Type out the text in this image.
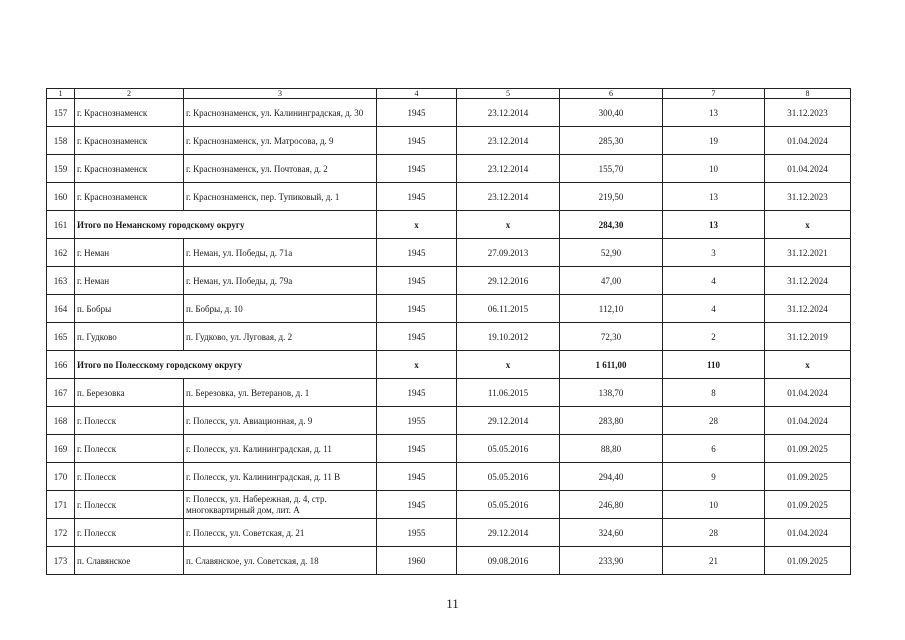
1	2	3	4	5	6	7	8
157	г. Краснознаменск	г. Краснознаменск, ул. Калининградская, д. 30	1945	23.12.2014	300,40	13	31.12.2023
158	г. Краснознаменск	г. Краснознаменск, ул. Матросова, д. 9	1945	23.12.2014	285,30	19	01.04.2024
159	г. Краснознаменск	г. Краснознаменск, ул. Почтовая, д. 2	1945	23.12.2014	155,70	10	01.04.2024
160	г. Краснознаменск	г. Краснознаменск, пер. Тупиковый, д. 1	1945	23.12.2014	219,50	13	31.12.2023
161	Итого по Неманскому городскому округу		x	x	284,30	13	x
162	г. Неман	г. Неман, ул. Победы, д. 71а	1945	27.09.2013	52,90	3	31.12.2021
163	г. Неман	г. Неман, ул. Победы, д. 79а	1945	29.12.2016	47,00	4	31.12.2024
164	п. Бобры	п. Бобры, д. 10	1945	06.11.2015	112,10	4	31.12.2024
165	п. Гудково	п. Гудково, ул. Луговая, д. 2	1945	19.10.2012	72,30	2	31.12.2019
166	Итого по Полесскому городскому округу		x	x	1 611,00	110	x
167	п. Березовка	п. Березовка, ул. Ветеранов, д. 1	1945	11.06.2015	138,70	8	01.04.2024
168	г. Полесск	г. Полесск, ул. Авиационная, д. 9	1955	29.12.2014	283,80	28	01.04.2024
169	г. Полесск	г. Полесск, ул. Калининградская, д. 11	1945	05.05.2016	88,80	6	01.09.2025
170	г. Полесск	г. Полесск, ул. Калининградская, д. 11 В	1945	05.05.2016	294,40	9	01.09.2025
171	г. Полесск	г. Полесск, ул. Набережная, д. 4, стр. многоквартирный дом, лит. А	1945	05.05.2016	246,80	10	01.09.2025
172	г. Полесск	г. Полесск, ул. Советская, д. 21	1955	29.12.2014	324,60	28	01.04.2024
173	п. Славянское	п. Славянское, ул. Советская, д. 18	1960	09.08.2016	233,90	21	01.09.2025
11
